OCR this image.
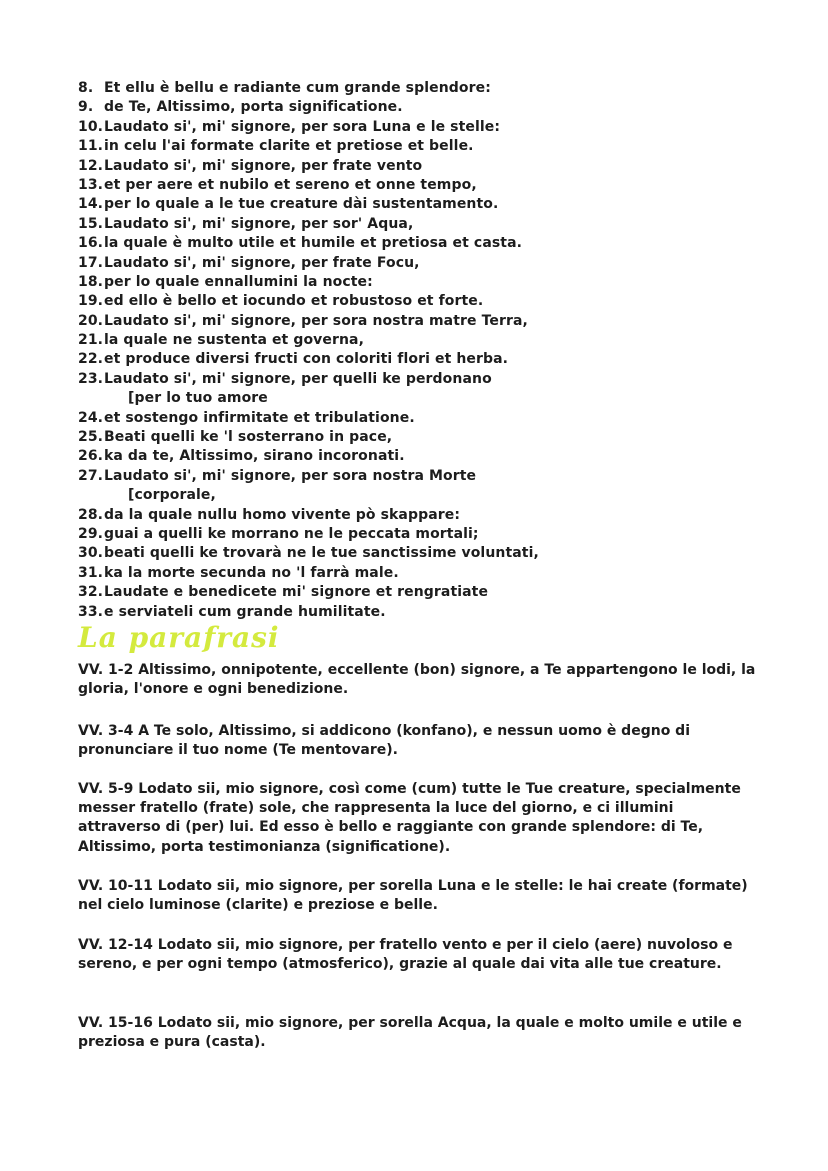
8. Et ellu è bellu e radiante cum grande splendore:
9. de Te, Altissimo, porta significatione.
10.Laudato si', mi' signore, per sora Luna e le stelle:
11.in celu l'ai formate clarite et pretiose et belle.
12.Laudato si', mi' signore, per frate vento
13.et per aere et nubilo et sereno et onne tempo,
14.per lo quale a le tue creature dài sustentamento.
15.Laudato si', mi' signore, per sor' Aqua,
16.la quale è multo utile et humile et pretiosa et casta.
17.Laudato si', mi' signore, per frate Focu,
18.per lo quale ennallumini la nocte:
19.ed ello è bello et iocundo et robustoso et forte.
20.Laudato si', mi' signore, per sora nostra matre Terra,
21.la quale ne sustenta et governa,
22.et produce diversi fructi con coloriti flori et herba.
23.Laudato si', mi' signore, per quelli ke perdonano
[per lo tuo amore
24.et sostengo infirmitate et tribulatione.
25.Beati quelli ke 'l sosterrano in pace,
26.ka da te, Altissimo, sirano incoronati.
27.Laudato si', mi' signore, per sora nostra Morte
[corporale,
28.da la quale nullu homo vivente pò skappare:
29.guai a quelli ke morrano ne le peccata mortali;
30.beati quelli ke trovarà ne le tue sanctissime voluntati,
31.ka la morte secunda no 'l farrà male.
32.Laudate e benedicete mi' signore et rengratiate
33.e serviateli cum grande humilitate.
La parafrasi
VV. 1-2 Altissimo, onnipotente, eccellente (bon) signore, a Te appartengono le lodi, la gloria, l'onore e ogni benedizione.
VV. 3-4 A Te solo, Altissimo, si addicono (konfano), e nessun uomo è degno di pronunciare il tuo nome (Te mentovare).
VV. 5-9 Lodato sii, mio signore, così come (cum) tutte le Tue creature, specialmente messer fratello (frate) sole, che rappresenta la luce del giorno, e ci illumini attraverso di (per) lui. Ed esso è bello e raggiante con grande splendore: di Te, Altissimo, porta testimonianza (significatione).
VV. 10-11 Lodato sii, mio signore, per sorella Luna e le stelle: le hai create (formate) nel cielo luminose (clarite) e preziose e belle.
VV. 12-14 Lodato sii, mio signore, per fratello vento e per il cielo (aere) nuvoloso e sereno, e per ogni tempo (atmosferico), grazie al quale dai vita alle tue creature.
VV. 15-16 Lodato sii, mio signore, per sorella Acqua, la quale e molto umile e utile e preziosa e pura (casta).
